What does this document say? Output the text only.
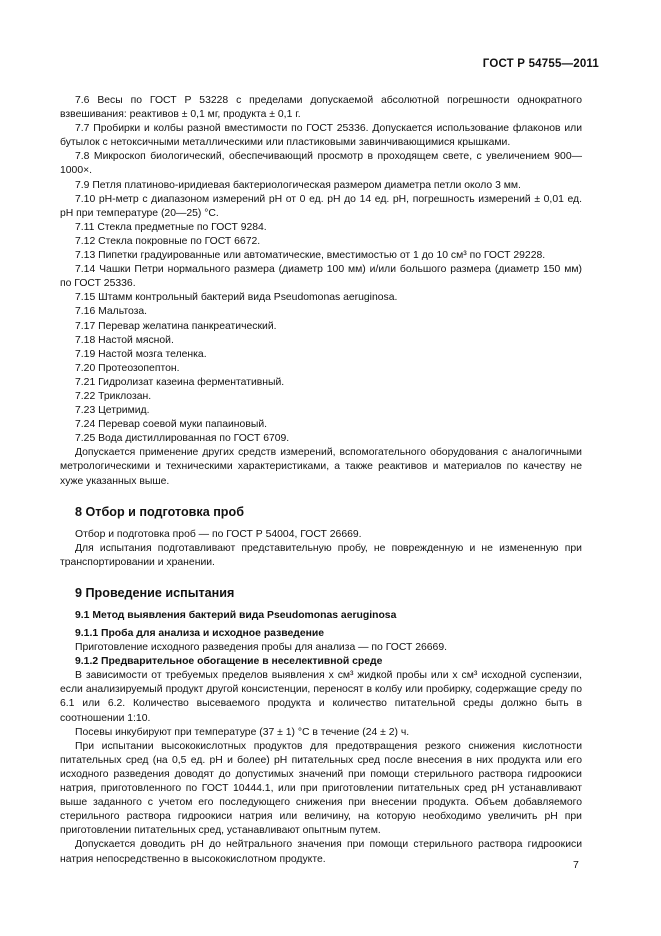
ГОСТ Р 54755—2011

7.6 Весы по ГОСТ Р 53228 с пределами допускаемой абсолютной погрешности однократного взвешивания: реактивов ± 0,1 мг, продукта ± 0,1 г.

7.7 Пробирки и колбы разной вместимости по ГОСТ 25336. Допускается использование флаконов или бутылок с нетоксичными металлическими или пластиковыми завинчивающимися крышками.

7.8 Микроскоп биологический, обеспечивающий просмотр в проходящем свете, с увеличением 900—1000×.

7.9 Петля платиново-иридиевая бактериологическая размером диаметра петли около 3 мм.

7.10 рН-метр с диапазоном измерений рН от 0 ед. рН до 14 ед. рН, погрешность измерений ± 0,01 ед. рН при температуре (20—25) °С.

7.11 Стекла предметные по ГОСТ 9284.

7.12 Стекла покровные по ГОСТ 6672.

7.13 Пипетки градуированные или автоматические, вместимостью от 1 до 10 см³ по ГОСТ 29228.

7.14 Чашки Петри нормального размера (диаметр 100 мм) и/или большого размера (диаметр 150 мм) по ГОСТ 25336.

7.15 Штамм контрольный бактерий вида Pseudomonas aeruginosa.

7.16 Мальтоза.

7.17 Перевар желатина панкреатический.

7.18 Настой мясной.

7.19 Настой мозга теленка.

7.20 Протеозопептон.

7.21 Гидролизат казеина ферментативный.

7.22 Триклозан.

7.23 Цетримид.

7.24 Перевар соевой муки папаиновый.

7.25 Вода дистиллированная по ГОСТ 6709.

Допускается применение других средств измерений, вспомогательного оборудования с аналогичными метрологическими и техническими характеристиками, а также реактивов и материалов по качеству не хуже указанных выше.

8 Отбор и подготовка проб

Отбор и подготовка проб — по ГОСТ Р 54004, ГОСТ 26669.

Для испытания подготавливают представительную пробу, не поврежденную и не измененную при транспортировании и хранении.

9 Проведение испытания

9.1 Метод выявления бактерий вида Pseudomonas aeruginosa

9.1.1 Проба для анализа и исходное разведение

Приготовление исходного разведения пробы для анализа — по ГОСТ 26669.

9.1.2 Предварительное обогащение в неселективной среде

В зависимости от требуемых пределов выявления x см³ жидкой пробы или x см³ исходной суспензии, если анализируемый продукт другой консистенции, переносят в колбу или пробирку, содержащие среду по 6.1 или 6.2. Количество высеваемого продукта и количество питательной среды должно быть в соотношении 1:10.

Посевы инкубируют при температуре (37 ± 1) °С в течение (24 ± 2) ч.

При испытании высококислотных продуктов для предотвращения резкого снижения кислотности питательных сред (на 0,5 ед. рН и более) рН питательных сред после внесения в них продукта или его исходного разведения доводят до допустимых значений при помощи стерильного раствора гидроокиси натрия, приготовленного по ГОСТ 10444.1, или при приготовлении питательных сред рН устанавливают выше заданного с учетом его последующего снижения при внесении продукта. Объем добавляемого стерильного раствора гидроокиси натрия или величину, на которую необходимо увеличить рН при приготовлении питательных сред, устанавливают опытным путем.

Допускается доводить рН до нейтрального значения при помощи стерильного раствора гидроокиси натрия непосредственно в высококислотном продукте.	7
